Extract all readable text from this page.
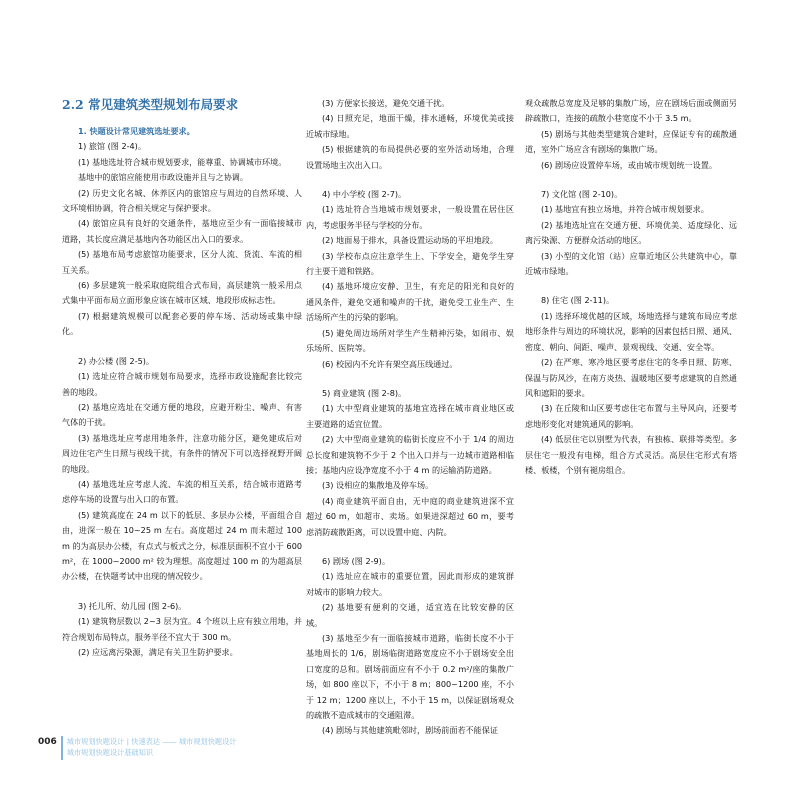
2.2 常见建筑类型规划布局要求
1. 快题设计常见建筑选址要求。

1) 旅馆 (图 2-4)。

(1) 基地选址符合城市规划要求，能尊重、协调城市环境。

基地中的旅馆应能使用市政设施并且与之协调。

(2) 历史文化名城、休养区内的旅馆应与周边的自然环境、人文环境相协调，符合相关规定与保护要求。

(4) 旅馆应具有良好的交通条件，基地应至少有一面临接城市道路，其长度应满足基地内各功能区出入口的要求。

(5) 基地布局考虑旅馆功能要求，区分人流、货流、车流的相互关系。

(6) 多层建筑一般采取庭院组合式布局，高层建筑一般采用点式集中平面布局立面形象应该在城市区域、地段形成标志性。

(7) 根据建筑规模可以配套必要的停车场、活动场或集中绿化。

2) 办公楼 (图 2-5)。

(1) 选址应符合城市规划布局要求，选择市政设施配套比较完善的地段。

(2) 基地应选址在交通方便的地段，应避开粉尘、噪声、有害气体的干扰。

(3) 基地选址应考虑用地条件，注意功能分区，避免建成后对周边住宅产生日照与视线干扰，有条件的情况下可以选择视野开阔的地段。

(4) 基地选址应考虑人流、车流的相互关系，结合城市道路考虑停车场的设置与出入口的布置。

(5) 建筑高度在 24 m 以下的低层、多层办公楼，平面组合自由，进深一般在 10~25 m 左右。高度超过 24 m 而未超过 100 m 的为高层办公楼，有点式与板式之分，标准层面积不宜小于 600 m²，在 1000~2000 m² 较为理想。高度超过 100 m 的为超高层办公楼，在快题考试中出现的情况较少。

3) 托儿所、幼儿园 (图 2-6)。

(1) 建筑物层数以 2~3 层为宜。4 个班以上应有独立用地，并符合规划布局特点，服务半径不宜大于 300 m。

(2) 应远离污染源，满足有关卫生防护要求。

(3) 方便家长接送，避免交通干扰。

(4) 日照充足，地面干燥，排水通畅，环境优美或接近城市绿地。

(5) 根据建筑的布局提供必要的室外活动场地，合理设置场地主次出入口。

4) 中小学校 (图 2-7)。

(1) 选址符合当地城市规划要求，一般设置在居住区内，考虑服务半径与学校的分布。

(2) 地面易于排水，具备设置运动场的平坦地段。

(3) 学校布点应注意学生上、下学安全，避免学生穿行主要干道和铁路。

(4) 基地环境应安静、卫生，有充足的阳光和良好的通风条件，避免交通和噪声的干扰，避免受工业生产、生活场所产生的污染的影响。

(5) 避免周边场所对学生产生精神污染，如闹市、娱乐场所、医院等。

(6) 校园内不允许有架空高压线通过。

5) 商业建筑 (图 2-8)。

(1) 大中型商业建筑的基地宜选择在城市商业地区或主要道路的适宜位置。

(2) 大中型商业建筑的临街长度应不小于 1/4 的周边总长度和建筑物不少于 2 个出入口并与一边城市道路相临接；基地内应设净宽度不小于 4 m 的运输消防道路。

(3) 设相应的集散地及停车场。

(4) 商业建筑平面自由，无中庭的商业建筑进深不宜超过 60 m，如超市、卖场。如果进深超过 60 m，要考虑消防疏散距离，可以设置中庭、内院。

6) 剧场 (图 2-9)。

(1) 选址应在城市的重要位置，因此而形成的建筑群对城市的影响力较大。

(2) 基地要有便利的交通，适宜选在比较安静的区域。

(3) 基地至少有一面临接城市道路，临街长度不小于基地周长的 1/6，剧场临街道路宽度应不小于剧场安全出口宽度的总和。剧场前面应有不小于 0.2 m²/座的集散广场，如 800 座以下，不小于 8 m；800~1200 座，不小于 12 m；1200 座以上，不小于 15 m，以保证剧场观众的疏散不造成城市的交通阻滞。

(4) 剧场与其他建筑毗邻时，剧场前面若不能保证

观众疏散总宽度及足够的集散广场，应在剧场后面或侧面另辟疏散口，连接的疏散小巷宽度不小于 3.5 m。

(5) 剧场与其他类型建筑合建时，应保证专有的疏散通道，室外广场应含有剧场的集散广场。

(6) 剧场应设置停车场，或由城市规划统一设置。

7) 文化馆 (图 2-10)。

(1) 基地宜有独立场地，并符合城市规划要求。

(2) 基地选址宜在交通方便、环境优美、适度绿化、远离污染源、方便群众活动的地区。

(3) 小型的文化馆（站）应靠近地区公共建筑中心，靠近城市绿地。

8) 住宅 (图 2-11)。

(1) 选择环境优越的区域，场地选择与建筑布局应考虑地形条件与周边的环境状况，影响的因素包括日照、通风、密度、朝向、间距、噪声、景观视线、交通、安全等。

(2) 在严寒、寒冷地区要考虑住宅的冬季日照、防寒、保温与防风沙，在南方炎热、温暖地区要考虑建筑的自然通风和遮阳的要求。

(3) 在丘陵和山区要考虑住宅布置与主导风向，还要考虑地形变化对建筑通风的影响。

(4) 低层住宅以别墅为代表，有独栋、联排等类型。多层住宅一般没有电梯，组合方式灵活。高层住宅形式有塔楼、板楼，个别有褪房组合。

006 城市规划快题设计 | 快速表达 —— 城市规划快题设计
城市规划快题设计基础知识
